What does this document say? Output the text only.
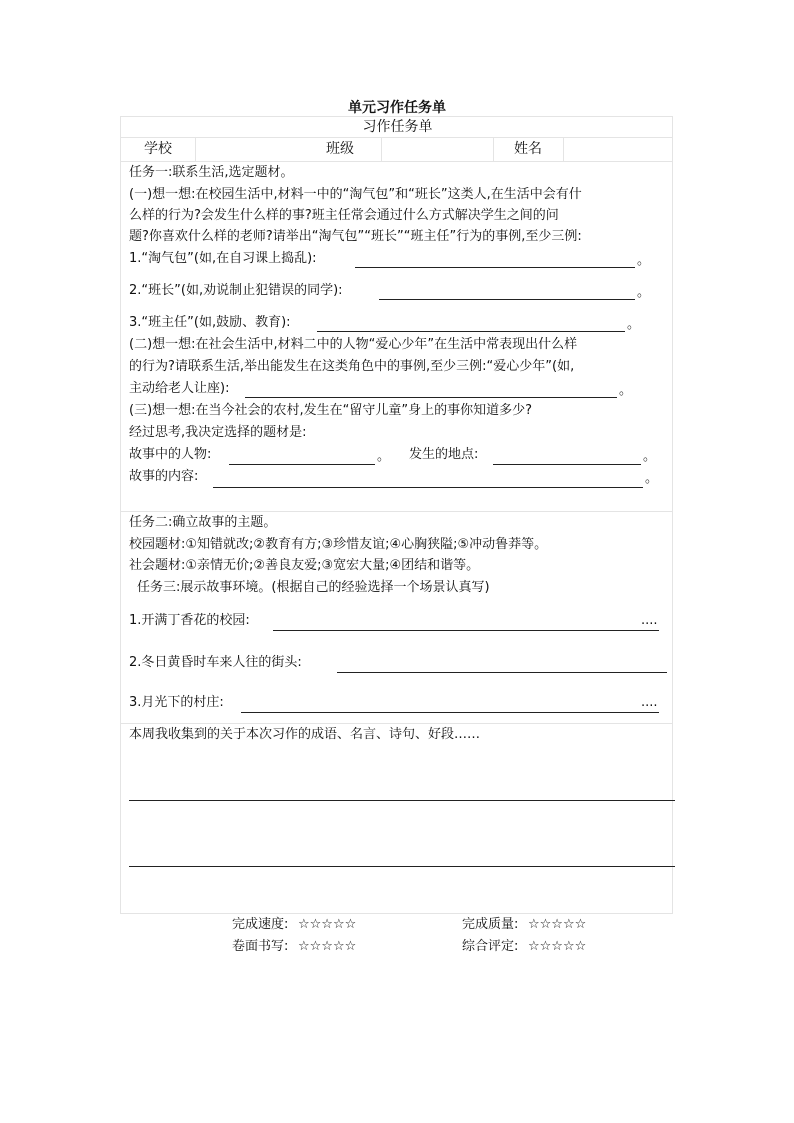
单元习作任务单
习作任务单
学校	班级	姓名
任务一:联系生活,选定题材。
(一)想一想:在校园生活中,材料一中的“淘气包”和“班长”这类人,在生活中会有什
么样的行为?会发生什么样的事?班主任常会通过什么方式解决学生之间的问
题?你喜欢什么样的老师?请举出“淘气包”“班长”“班主任”行为的事例,至少三例:
1.“淘气包”(如,在自习课上捣乱):	。
2.“班长”(如,劝说制止犯错误的同学):	。
3.“班主任”(如,鼓励、教育):	。
(二)想一想:在社会生活中,材料二中的人物“爱心少年”在生活中常表现出什么样
的行为?请联系生活,举出能发生在这类角色中的事例,至少三例:“爱心少年”(如,
主动给老人让座):	。
(三)想一想:在当今社会的农村,发生在“留守儿童”身上的事你知道多少?
经过思考,我决定选择的题材是:
故事中的人物:	。 发生的地点:	。
故事的内容:	。
任务二:确立故事的主题。
校园题材:①知错就改;②教育有方;③珍惜友谊;④心胸狭隘;⑤冲动鲁莽等。
社会题材:①亲情无价;②善良友爱;③宽宏大量;④团结和谐等。
任务三:展示故事环境。(根据自己的经验选择一个场景认真写)
1.开满丁香花的校园:	....
2.冬日黄昏时车来人往的街头:
3.月光下的村庄:	....
本周我收集到的关于本次习作的成语、名言、诗句、好段……
完成速度: ☆☆☆☆☆	完成质量: ☆☆☆☆☆
卷面书写: ☆☆☆☆☆	综合评定: ☆☆☆☆☆
